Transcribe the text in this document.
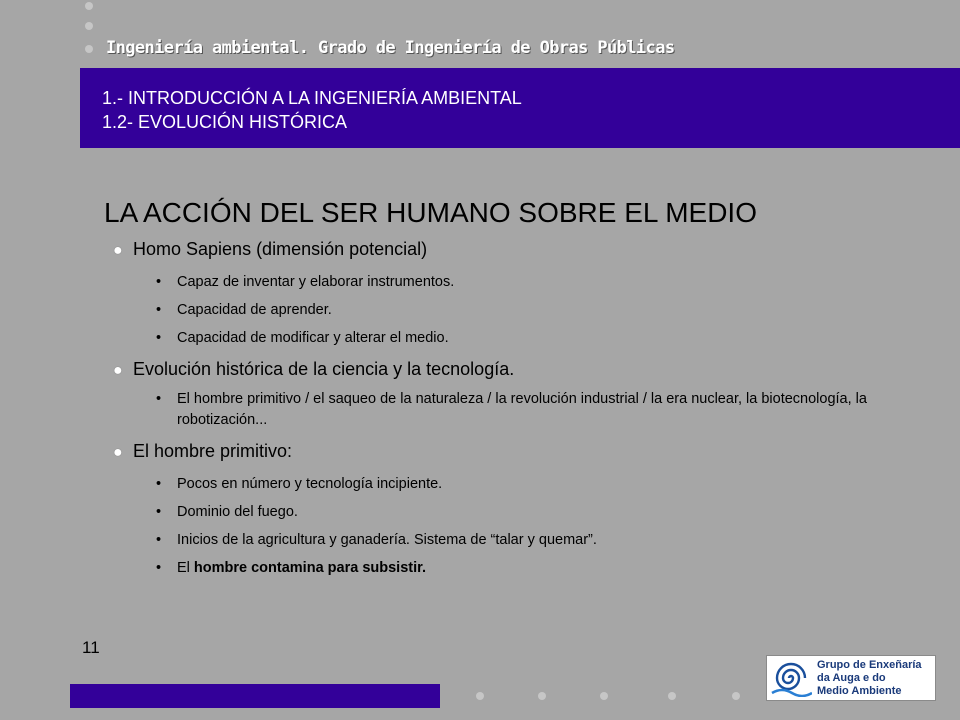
Ingeniería ambiental. Grado de Ingeniería de Obras Públicas
1.- INTRODUCCIÓN A LA INGENIERÍA AMBIENTAL
1.2- EVOLUCIÓN HISTÓRICA
LA ACCIÓN DEL SER HUMANO SOBRE EL MEDIO
● Homo Sapiens (dimensión potencial)
•	Capaz de inventar y elaborar instrumentos.
•	Capacidad de aprender.
•	Capacidad de modificar y alterar el medio.
● Evolución histórica de la ciencia y la tecnología.
•	El hombre primitivo / el saqueo de la naturaleza / la revolución industrial / la era nuclear, la biotecnología, la robotización...
● El hombre primitivo:
•	Pocos en número y tecnología incipiente.
•	Dominio del fuego.
•	Inicios de la agricultura y ganadería. Sistema de “talar y quemar”.
•	El hombre contamina para subsistir.
11
Grupo de Enxeñaría
da Auga e do
Medio Ambiente
